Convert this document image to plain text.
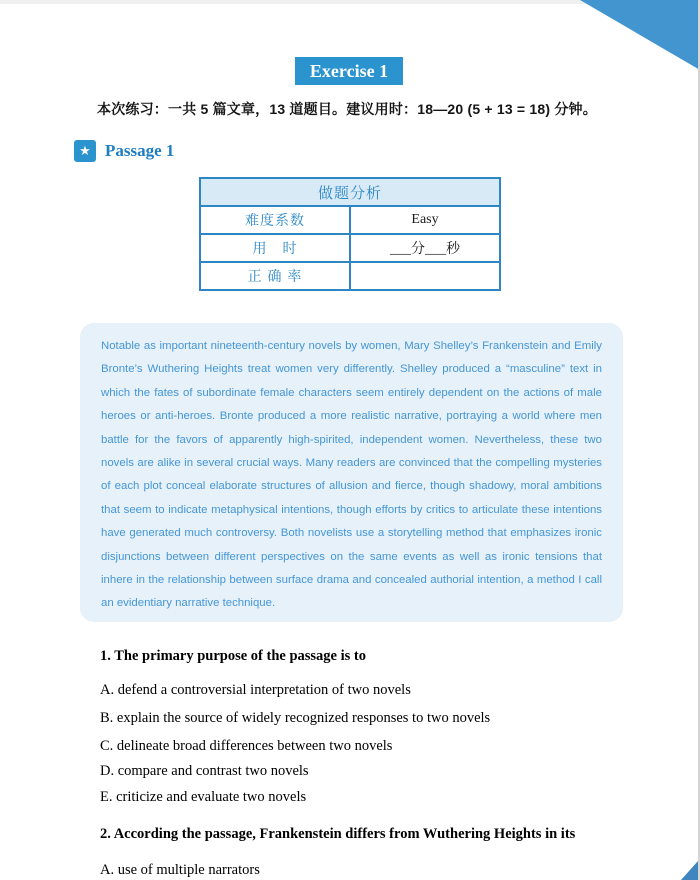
Exercise 1
本次练习：一共 5 篇文章，13 道题目。建议用时：18—20 (5 + 13 = 18) 分钟。
★ Passage 1
做题分析	
难度系数	Easy
用　时	___分___秒
正 确 率	

Notable as important nineteenth-century novels by women, Mary Shelley’s Frankenstein and Emily Bronte’s Wuthering Heights treat women very differently. Shelley produced a “masculine” text in which the fates of subordinate female characters seem entirely dependent on the actions of male heroes or anti-heroes. Bronte produced a more realistic narrative, portraying a world where men battle for the favors of apparently high-spirited, independent women. Nevertheless, these two novels are alike in several crucial ways. Many readers are convinced that the compelling mysteries of each plot conceal elaborate structures of allusion and fierce, though shadowy, moral ambitions that seem to indicate metaphysical intentions, though efforts by critics to articulate these intentions have generated much controversy. Both novelists use a storytelling method that emphasizes ironic disjunctions between different perspectives on the same events as well as ironic tensions that inhere in the relationship between surface drama and concealed authorial intention, a method I call an evidentiary narrative technique.

1. The primary purpose of the passage is to
A. defend a controversial interpretation of two novels
B. explain the source of widely recognized responses to two novels
C. delineate broad differences between two novels
D. compare and contrast two novels
E. criticize and evaluate two novels
2. According the passage, Frankenstein differs from Wuthering Heights in its
A. use of multiple narrators
